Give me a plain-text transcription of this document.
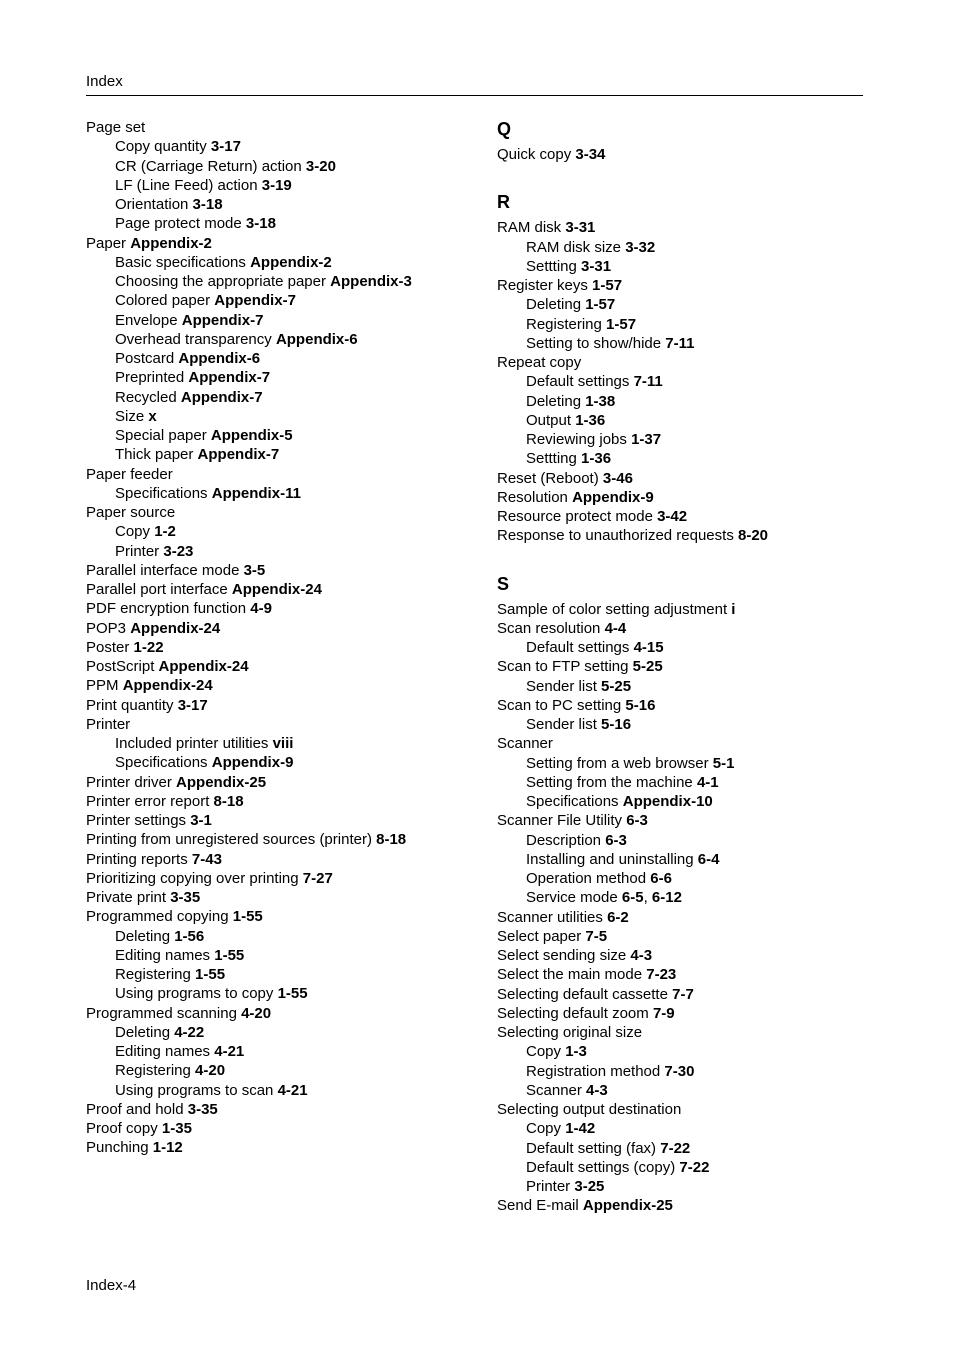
Index
Page set
Copy quantity 3-17
CR (Carriage Return) action 3-20
LF (Line Feed) action 3-19
Orientation 3-18
Page protect mode 3-18
Paper Appendix-2
Basic specifications Appendix-2
Choosing the appropriate paper Appendix-3
Colored paper Appendix-7
Envelope Appendix-7
Overhead transparency Appendix-6
Postcard Appendix-6
Preprinted Appendix-7
Recycled Appendix-7
Size x
Special paper Appendix-5
Thick paper Appendix-7
Paper feeder
Specifications Appendix-11
Paper source
Copy 1-2
Printer 3-23
Parallel interface mode 3-5
Parallel port interface Appendix-24
PDF encryption function 4-9
POP3 Appendix-24
Poster 1-22
PostScript Appendix-24
PPM Appendix-24
Print quantity 3-17
Printer
Included printer utilities viii
Specifications Appendix-9
Printer driver Appendix-25
Printer error report 8-18
Printer settings 3-1
Printing from unregistered sources (printer) 8-18
Printing reports 7-43
Prioritizing copying over printing 7-27
Private print 3-35
Programmed copying 1-55
Deleting 1-56
Editing names 1-55
Registering 1-55
Using programs to copy 1-55
Programmed scanning 4-20
Deleting 4-22
Editing names 4-21
Registering 4-20
Using programs to scan 4-21
Proof and hold 3-35
Proof copy 1-35
Punching 1-12
Q
Quick copy 3-34
R
RAM disk 3-31
RAM disk size 3-32
Settting 3-31
Register keys 1-57
Deleting 1-57
Registering 1-57
Setting to show/hide 7-11
Repeat copy
Default settings 7-11
Deleting 1-38
Output 1-36
Reviewing jobs 1-37
Settting 1-36
Reset (Reboot) 3-46
Resolution Appendix-9
Resource protect mode 3-42
Response to unauthorized requests 8-20
S
Sample of color setting adjustment i
Scan resolution 4-4
Default settings 4-15
Scan to FTP setting 5-25
Sender list 5-25
Scan to PC setting 5-16
Sender list 5-16
Scanner
Setting from a web browser 5-1
Setting from the machine 4-1
Specifications Appendix-10
Scanner File Utility 6-3
Description 6-3
Installing and uninstalling 6-4
Operation method 6-6
Service mode 6-5, 6-12
Scanner utilities 6-2
Select paper 7-5
Select sending size 4-3
Select the main mode 7-23
Selecting default cassette 7-7
Selecting default zoom 7-9
Selecting original size
Copy 1-3
Registration method 7-30
Scanner 4-3
Selecting output destination
Copy 1-42
Default setting (fax) 7-22
Default settings (copy) 7-22
Printer 3-25
Send E-mail Appendix-25
Index-4
